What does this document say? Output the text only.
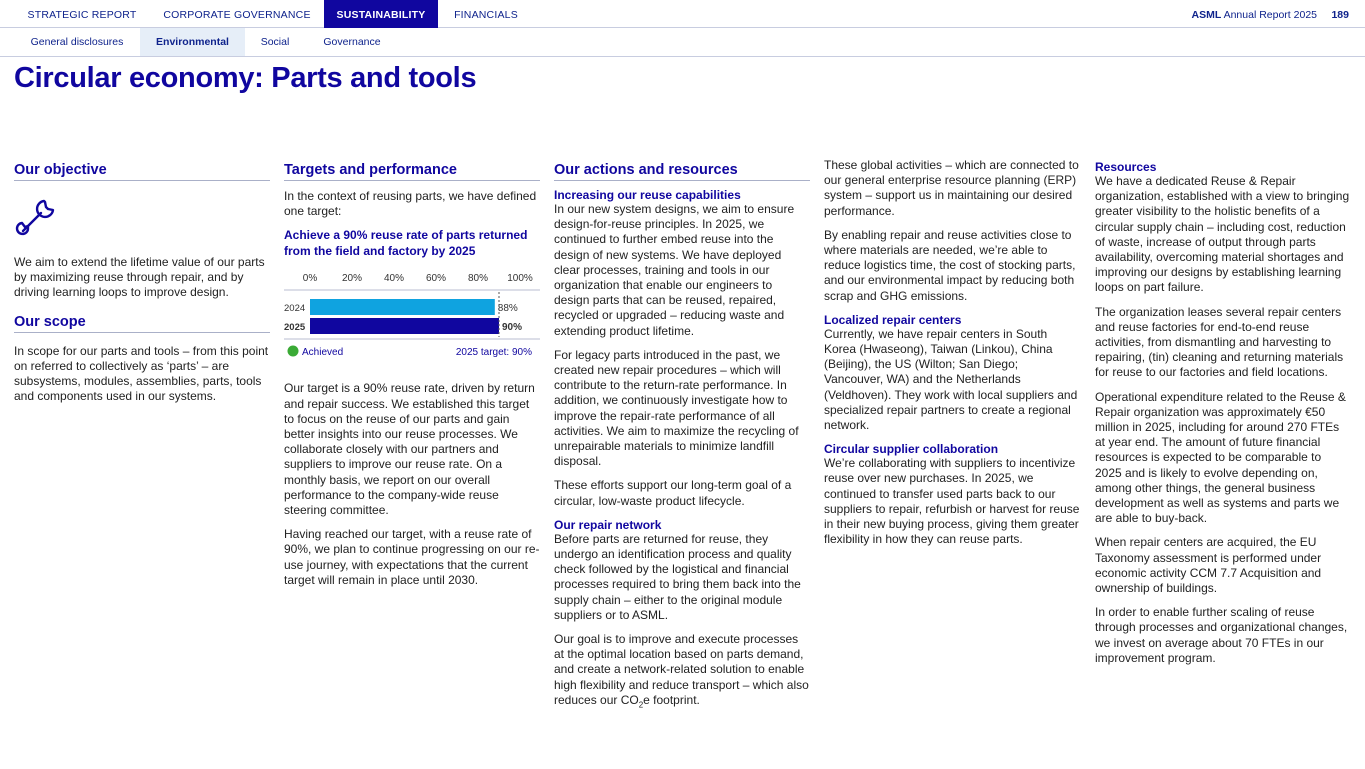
STRATEGIC REPORT	CORPORATE GOVERNANCE	SUSTAINABILITY	FINANCIALS	ASML Annual Report 2025 189
General disclosures	Environmental	Social	Governance
Circular economy: Parts and tools
Our objective

We aim to extend the lifetime value of our parts by maximizing reuse through repair, and by driving learning loops to improve design.

Our scope

In scope for our parts and tools – from this point on referred to collectively as ‘parts’ – are subsystems, modules, assemblies, parts, tools and components used in our systems.

Targets and performance

In the context of reusing parts, we have defined one target:

Achieve a 90% reuse rate of parts returned from the field and factory by 2025
0% 20% 40% 60% 80% 100%
2024	88%
2025	90%
Achieved	2025 target: 90%

Our target is a 90% reuse rate, driven by return and repair success. We established this target to focus on the reuse of our parts and gain better insights into our reuse processes. We collaborate closely with our partners and suppliers to improve our reuse rate. On a monthly basis, we report on our overall performance to the company-wide reuse steering committee.

Having reached our target, with a reuse rate of 90%, we plan to continue progressing on our re-use journey, with expectations that the current target will remain in place until 2030.

Our actions and resources
Increasing our reuse capabilities

In our new system designs, we aim to ensure design-for-reuse principles. In 2025, we continued to further embed reuse into the design of new systems. We have deployed clear processes, training and tools in our organization that enable our engineers to design parts that can be reused, repaired, recycled or upgraded – reducing waste and extending product lifetime.

For legacy parts introduced in the past, we created new repair procedures – which will contribute to the return-rate performance. In addition, we continuously investigate how to improve the repair-rate performance of all activities. We aim to maximize the recycling of unrepairable materials to minimize landfill disposal.

These efforts support our long-term goal of a circular, low-waste product lifecycle.

Our repair network

Before parts are returned for reuse, they undergo an identification process and quality check followed by the logistical and financial processes required to bring them back into the supply chain – either to the original module suppliers or to ASML.

Our goal is to improve and execute processes at the optimal location based on parts demand, and create a network-related solution to enable high flexibility and reduce transport – which also reduces our $CO_2e$ footprint.

These global activities – which are connected to our general enterprise resource planning (ERP) system – support us in maintaining our desired performance.

By enabling repair and reuse activities close to where materials are needed, we’re able to reduce logistics time, the cost of stocking parts, and our environmental impact by reducing both scrap and GHG emissions.

Localized repair centers

Currently, we have repair centers in South Korea (Hwaseong), Taiwan (Linkou), China (Beijing), the US (Wilton; San Diego; Vancouver, WA) and the Netherlands (Veldhoven). They work with local suppliers and specialized repair partners to create a regional network.

Circular supplier collaboration

We’re collaborating with suppliers to incentivize reuse over new purchases. In 2025, we continued to transfer used parts back to our suppliers to repair, refurbish or harvest for reuse in their new buying process, giving them greater flexibility in how they can reuse parts.

Resources

We have a dedicated Reuse & Repair organization, established with a view to bringing greater visibility to the holistic benefits of a circular supply chain – including cost, reduction of waste, increase of output through parts availability, overcoming material shortages and improving our designs by establishing learning loops on part failure.

The organization leases several repair centers and reuse factories for end-to-end reuse activities, from dismantling and harvesting to repairing, (tin) cleaning and returning materials for reuse to our factories and field locations.

Operational expenditure related to the Reuse & Repair organization was approximately €50 million in 2025, including for around 270 FTEs at year end. The amount of future financial resources is expected to be comparable to 2025 and is likely to evolve depending on, among other things, the general business development as well as systems and parts we are able to buy-back.

When repair centers are acquired, the EU Taxonomy assessment is performed under economic activity CCM 7.7 Acquisition and ownership of buildings.

In order to enable further scaling of reuse through processes and organizational changes, we invest on average about 70 FTEs in our improvement program.
